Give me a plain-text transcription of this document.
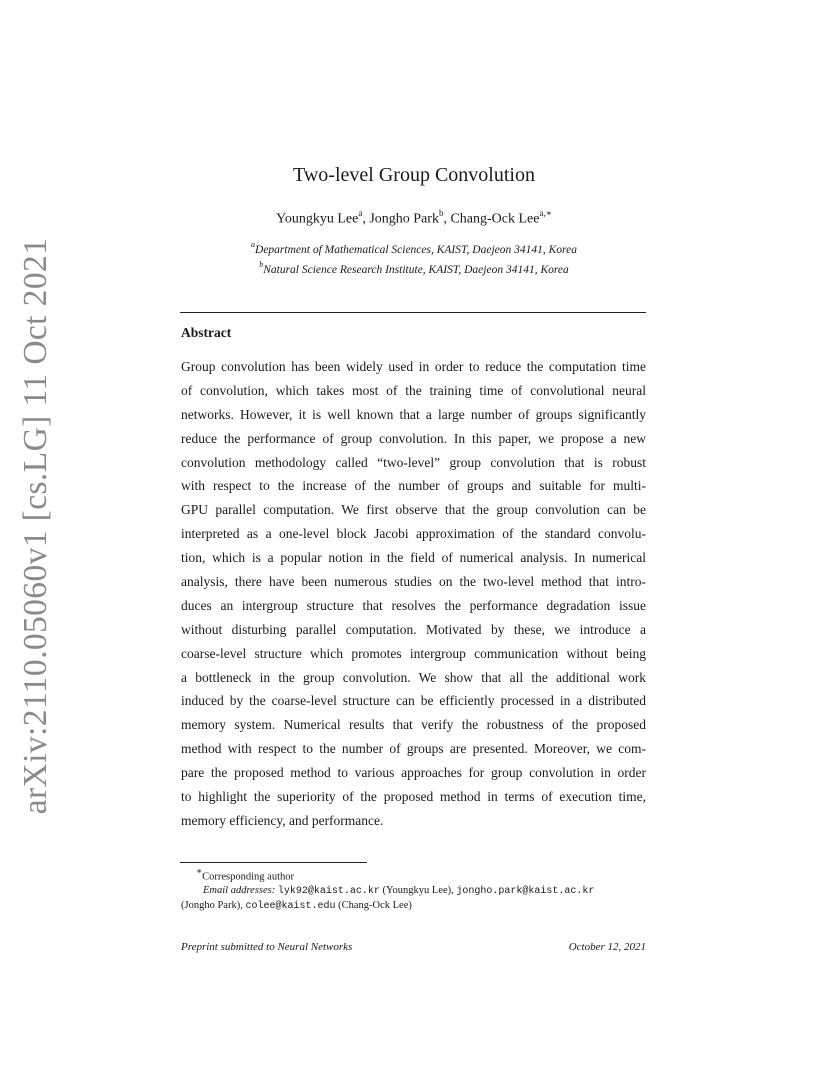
arXiv:2110.05060v1 [cs.LG] 11 Oct 2021
Two-level Group Convolution
Youngkyu Lee$^a$, Jongho Park$^b$, Chang-Ock Lee$^{a,∗}$
$^a$Department of Mathematical Sciences, KAIST, Daejeon 34141, Korea
$^b$Natural Science Research Institute, KAIST, Daejeon 34141, Korea
Abstract
Group convolution has been widely used in order to reduce the computation time
of convolution, which takes most of the training time of convolutional neural
networks. However, it is well known that a large number of groups significantly
reduce the performance of group convolution. In this paper, we propose a new
convolution methodology called “two-level” group convolution that is robust
with respect to the increase of the number of groups and suitable for multi-
GPU parallel computation. We first observe that the group convolution can be
interpreted as a one-level block Jacobi approximation of the standard convolu-
tion, which is a popular notion in the field of numerical analysis. In numerical
analysis, there have been numerous studies on the two-level method that intro-
duces an intergroup structure that resolves the performance degradation issue
without disturbing parallel computation. Motivated by these, we introduce a
coarse-level structure which promotes intergroup communication without being
a bottleneck in the group convolution. We show that all the additional work
induced by the coarse-level structure can be efficiently processed in a distributed
memory system. Numerical results that verify the robustness of the proposed
method with respect to the number of groups are presented. Moreover, we com-
pare the proposed method to various approaches for group convolution in order
to highlight the superiority of the proposed method in terms of execution time,
memory efficiency, and performance.
∗Corresponding author
Email addresses: lyk92@kaist.ac.kr (Youngkyu Lee), jongho.park@kaist.ac.kr
(Jongho Park), colee@kaist.edu (Chang-Ock Lee)
Preprint submitted to Neural Networks	October 12, 2021
